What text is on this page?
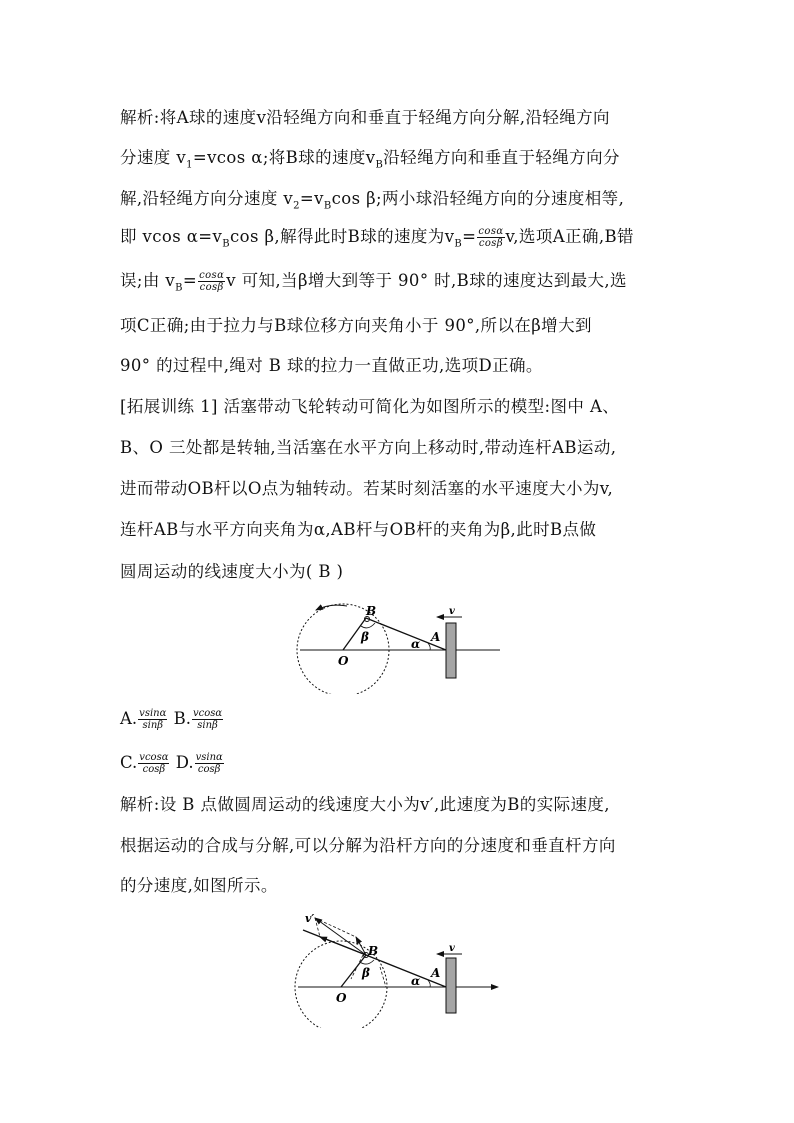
解析:将A球的速度v沿轻绳方向和垂直于轻绳方向分解,沿轻绳方向
分速度 $v_1=vcos$ α;将B球的速度$v_B$沿轻绳方向和垂直于轻绳方向分
解,沿轻绳方向分速度 $v_2=v_B\cos$ β;两小球沿轻绳方向的分速度相等,
即 vcos $\alpha=v_B\cos$ β,解得此时B球的速度为$v_B= \frac{\cos\alpha}{\cos\beta} v$,选项A正确,B错
误;由 $v_B= \frac{\cos\alpha}{\cos\beta}$ v 可知,当β增大到等于 90° 时,B球的速度达到最大,选
项C正确;由于拉力与B球位移方向夹角小于 90°,所以在β增大到
90° 的过程中,绳对 B 球的拉力一直做正功,选项D正确。
[拓展训练 1] 活塞带动飞轮转动可简化为如图所示的模型:图中 A、
B、O 三处都是转轴,当活塞在水平方向上移动时,带动连杆AB运动,
进而带动OB杆以O点为轴转动。若某时刻活塞的水平速度大小为v,
连杆AB与水平方向夹角为α,AB杆与OB杆的夹角为β,此时B点做
圆周运动的线速度大小为( B )
v
B
β	A
α
O
A. $\frac{vsin\alpha}{\sin\beta} B$. $\frac{vcos\alpha}{\sin\beta}$
C. $\frac{vcos\alpha}{\cos\beta} D$. $\frac{vsin\alpha}{\cos\beta}$
解析:设 B 点做圆周运动的线速度大小为v′,此速度为B的实际速度,
根据运动的合成与分解,可以分解为沿杆方向的分速度和垂直杆方向
的分速度,如图所示。
v
v′
B
β	A
α
O
